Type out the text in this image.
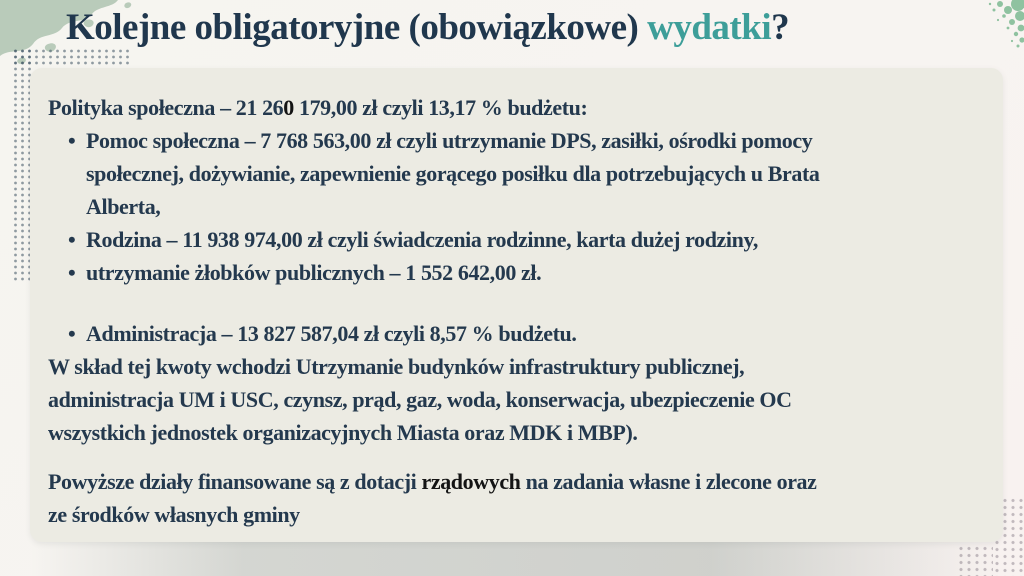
Kolejne obligatoryjne (obowiązkowe) wydatki?
Polityka społeczna – 21 260 179,00 zł czyli 13,17 % budżetu:
• Pomoc społeczna – 7 768 563,00 zł czyli utrzymanie DPS, zasiłki, ośrodki pomocy
społecznej, dożywianie, zapewnienie gorącego posiłku dla potrzebujących u Brata
Alberta,
• Rodzina – 11 938 974,00 zł czyli świadczenia rodzinne, karta dużej rodziny,
• utrzymanie żłobków publicznych – 1 552 642,00 zł.
• Administracja – 13 827 587,04 zł czyli 8,57 % budżetu.
W skład tej kwoty wchodzi Utrzymanie budynków infrastruktury publicznej,
administracja UM i USC, czynsz, prąd, gaz, woda, konserwacja, ubezpieczenie OC
wszystkich jednostek organizacyjnych Miasta oraz MDK i MBP).
Powyższe działy finansowane są z dotacji rządowych na zadania własne i zlecone oraz
ze środków własnych gminy
